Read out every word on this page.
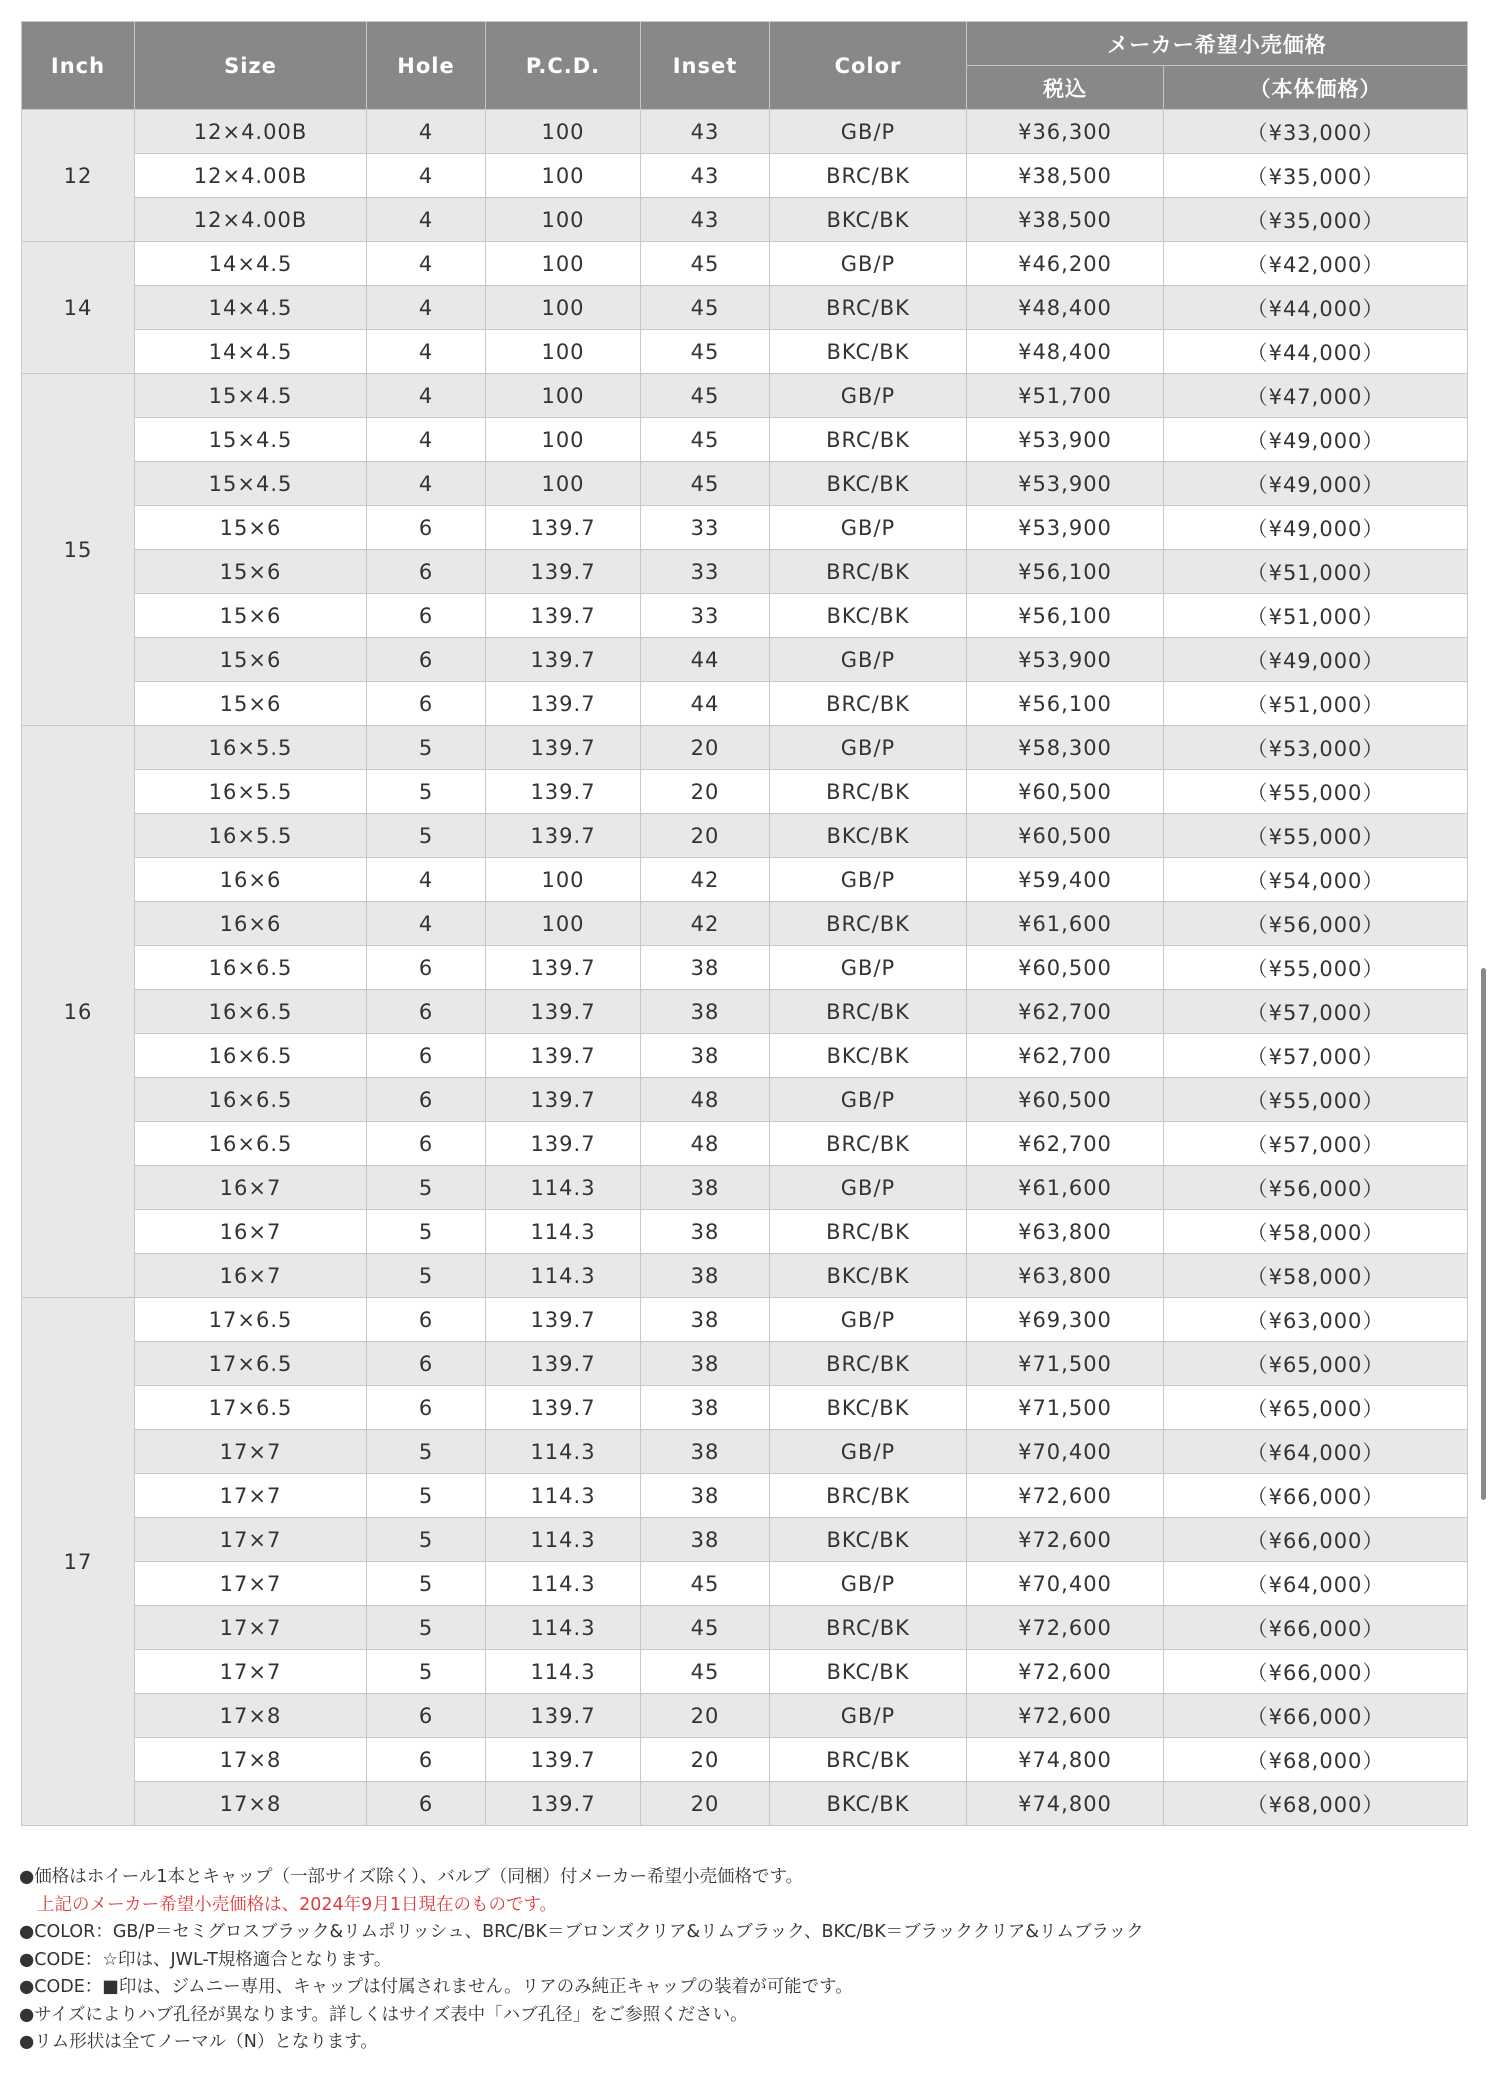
Inch	Size	Hole	P.C.D.	Inset	Color	メーカー希望小売価格	
						税込	（本体価格）
12	12×4.00B	4	100	43	GB/P	¥36,300	（¥33,000）
	12×4.00B	4	100	43	BRC/BK	¥38,500	（¥35,000）
	12×4.00B	4	100	43	BKC/BK	¥38,500	（¥35,000）
14	14×4.5	4	100	45	GB/P	¥46,200	（¥42,000）
	14×4.5	4	100	45	BRC/BK	¥48,400	（¥44,000）
	14×4.5	4	100	45	BKC/BK	¥48,400	（¥44,000）
15	15×4.5	4	100	45	GB/P	¥51,700	（¥47,000）
	15×4.5	4	100	45	BRC/BK	¥53,900	（¥49,000）
	15×4.5	4	100	45	BKC/BK	¥53,900	（¥49,000）
	15×6	6	139.7	33	GB/P	¥53,900	（¥49,000）
	15×6	6	139.7	33	BRC/BK	¥56,100	（¥51,000）
	15×6	6	139.7	33	BKC/BK	¥56,100	（¥51,000）
	15×6	6	139.7	44	GB/P	¥53,900	（¥49,000）
	15×6	6	139.7	44	BRC/BK	¥56,100	（¥51,000）
16	16×5.5	5	139.7	20	GB/P	¥58,300	（¥53,000）
	16×5.5	5	139.7	20	BRC/BK	¥60,500	（¥55,000）
	16×5.5	5	139.7	20	BKC/BK	¥60,500	（¥55,000）
	16×6	4	100	42	GB/P	¥59,400	（¥54,000）
	16×6	4	100	42	BRC/BK	¥61,600	（¥56,000）
	16×6.5	6	139.7	38	GB/P	¥60,500	（¥55,000）
	16×6.5	6	139.7	38	BRC/BK	¥62,700	（¥57,000）
	16×6.5	6	139.7	38	BKC/BK	¥62,700	（¥57,000）
	16×6.5	6	139.7	48	GB/P	¥60,500	（¥55,000）
	16×6.5	6	139.7	48	BRC/BK	¥62,700	（¥57,000）
	16×7	5	114.3	38	GB/P	¥61,600	（¥56,000）
	16×7	5	114.3	38	BRC/BK	¥63,800	（¥58,000）
	16×7	5	114.3	38	BKC/BK	¥63,800	（¥58,000）
17	17×6.5	6	139.7	38	GB/P	¥69,300	（¥63,000）
	17×6.5	6	139.7	38	BRC/BK	¥71,500	（¥65,000）
	17×6.5	6	139.7	38	BKC/BK	¥71,500	（¥65,000）
	17×7	5	114.3	38	GB/P	¥70,400	（¥64,000）
	17×7	5	114.3	38	BRC/BK	¥72,600	（¥66,000）
	17×7	5	114.3	38	BKC/BK	¥72,600	（¥66,000）
	17×7	5	114.3	45	GB/P	¥70,400	（¥64,000）
	17×7	5	114.3	45	BRC/BK	¥72,600	（¥66,000）
	17×7	5	114.3	45	BKC/BK	¥72,600	（¥66,000）
	17×8	6	139.7	20	GB/P	¥72,600	（¥66,000）
	17×8	6	139.7	20	BRC/BK	¥74,800	（¥68,000）
	17×8	6	139.7	20	BKC/BK	¥74,800	（¥68,000）
●価格はホイール1本とキャップ（一部サイズ除く）、バルブ（同梱）付メーカー希望小売価格です。
上記のメーカー希望小売価格は、2024年9月1日現在のものです。
●COLOR：GB/P＝セミグロスブラック&リムポリッシュ、BRC/BK＝ブロンズクリア&リムブラック、BKC/BK＝ブラッククリア&リムブラック
●CODE：☆印は、JWL-T規格適合となります。
●CODE：■印は、ジムニー専用、キャップは付属されません。リアのみ純正キャップの装着が可能です。
●サイズによりハブ孔径が異なります。詳しくはサイズ表中「ハブ孔径」をご参照ください。
●リム形状は全てノーマル（N）となります。
